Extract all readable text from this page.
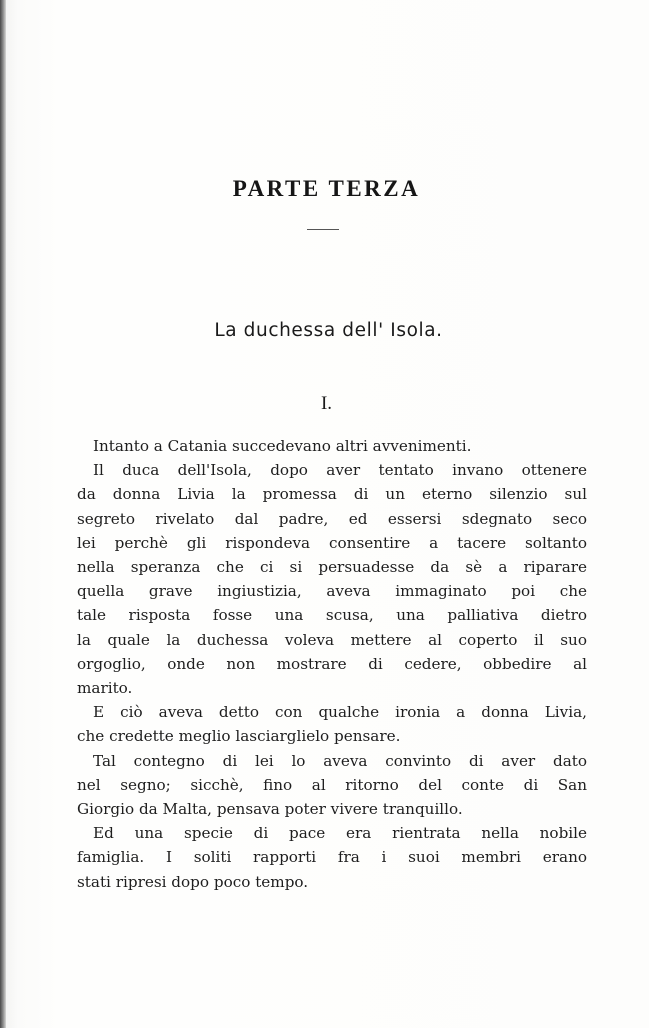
PARTE TERZA
La duchessa dell' Isola.
I.
Intanto a Catania succedevano altri avvenimenti.
Il duca dell'Isola, dopo aver tentato invano ottenere
da donna Livia la promessa di un eterno silenzio sul
segreto rivelato dal padre, ed essersi sdegnato seco
lei perchè gli rispondeva consentire a tacere soltanto
nella speranza che ci si persuadesse da sè a riparare
quella grave ingiustizia, aveva immaginato poi che
tale risposta fosse una scusa, una palliativa dietro
la quale la duchessa voleva mettere al coperto il suo
orgoglio, onde non mostrare di cedere, obbedire al
marito.
E ciò aveva detto con qualche ironia a donna Livia,
che credette meglio lasciarglielo pensare.
Tal contegno di lei lo aveva convinto di aver dato
nel segno; sicchè, fino al ritorno del conte di San
Giorgio da Malta, pensava poter vivere tranquillo.
Ed una specie di pace era rientrata nella nobile
famiglia. I soliti rapporti fra i suoi membri erano
stati ripresi dopo poco tempo.
